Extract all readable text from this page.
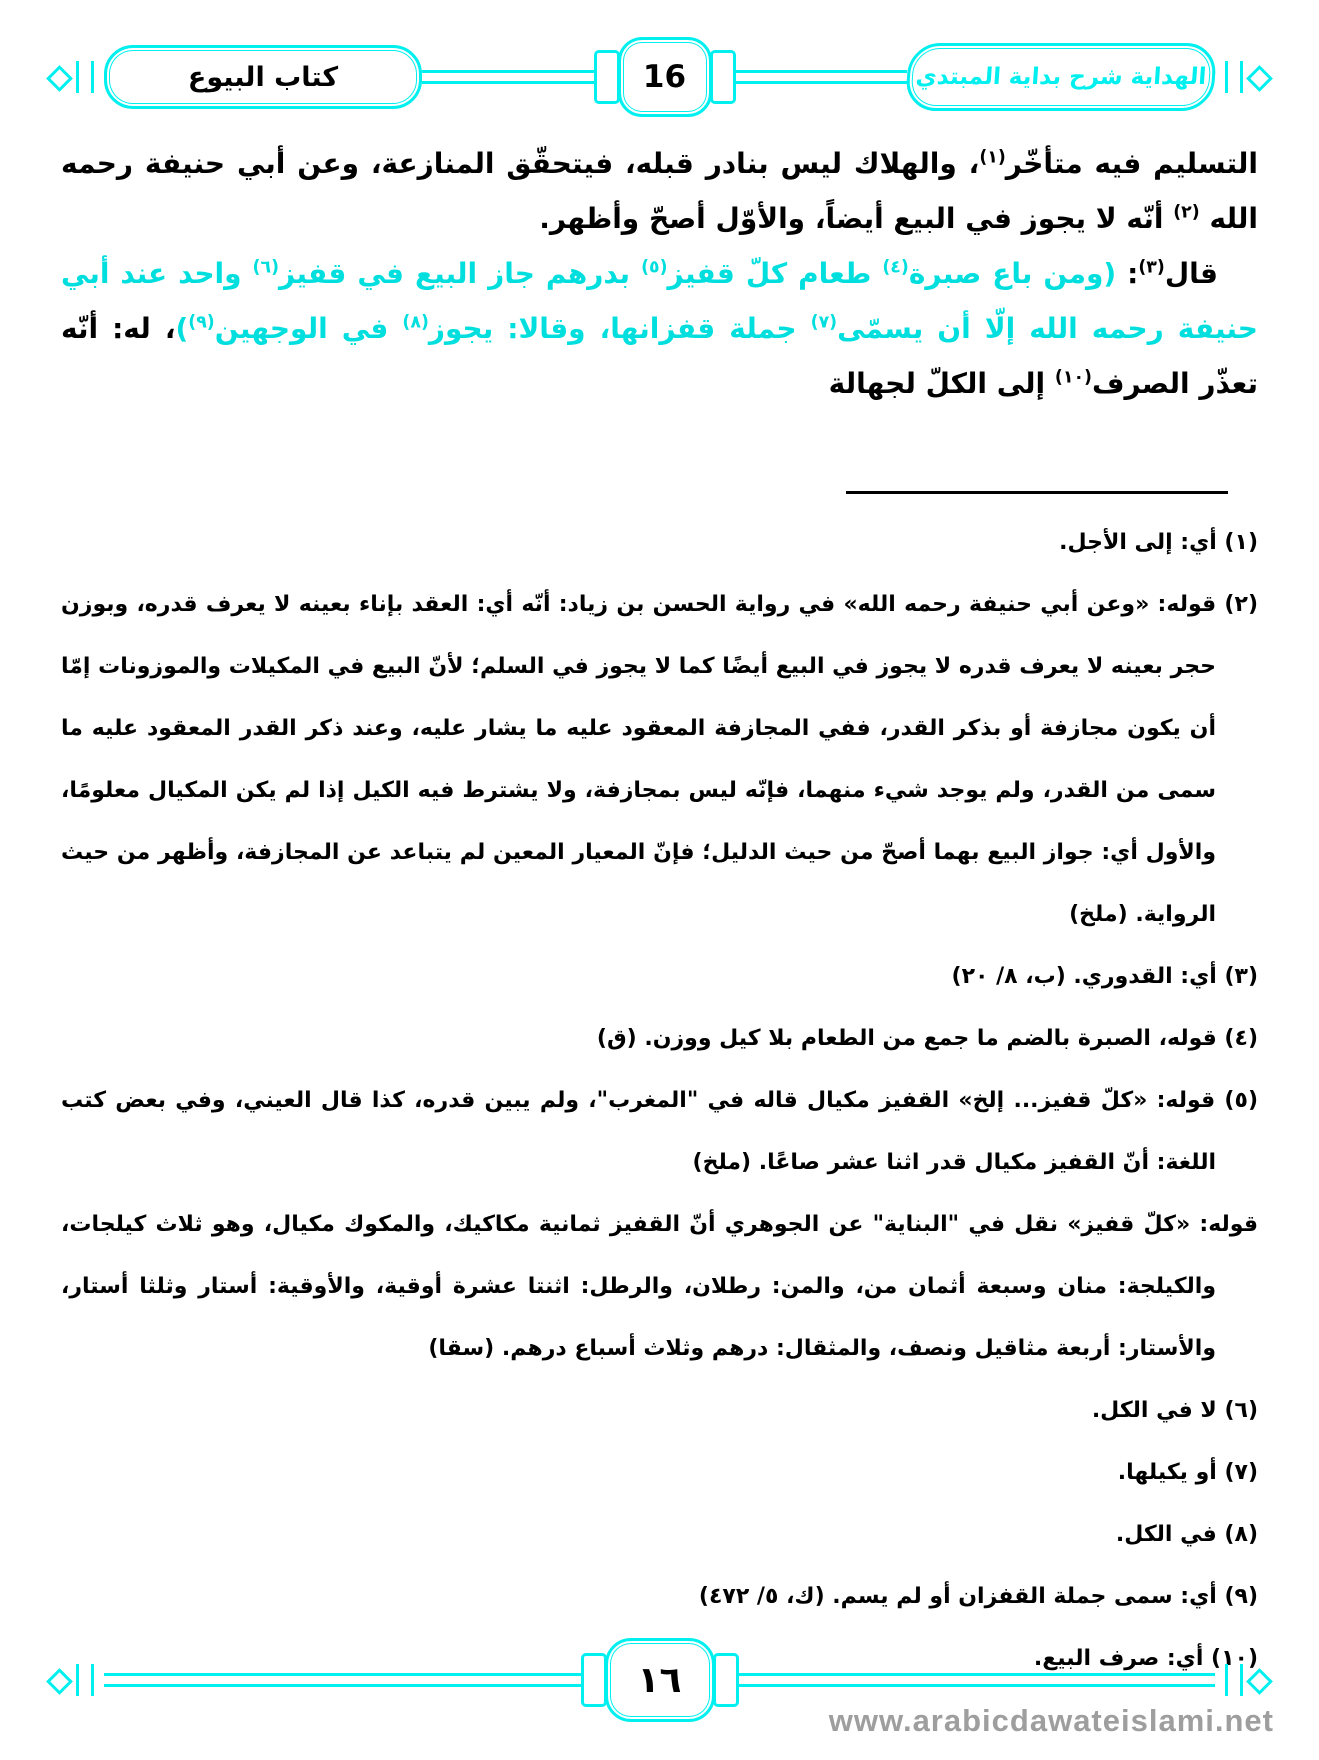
كتاب البيوع	16	الهداية شرح بداية المبتدي

التسليم فيه متأخّر$^{(١)}$، والهلاك ليس بنادر قبله، فيتحقّق المنازعة، وعن أبي حنيفة رحمه الله $^{(٢)}$ أنّه لا يجوز في البيع أيضاً، والأوّل أصحّ وأظهر.

قال$^{(٣)}$: (ومن باع صبرة$^{(٤)}$ طعام كلّ قفيز$^{(٥)}$ بدرهم جاز البيع في قفيز$^{(٦)}$ واحد عند أبي حنيفة رحمه الله إلّا أن يسمّى$^{(٧)}$ جملة قفزانها، وقالا: يجوز$^{(٨)}$ في الوجهين$^{(٩)}$)، له: أنّه تعذّر الصرف$^{(١٠)}$ إلى الكلّ لجهالة

(١) أي: إلى الأجل.

(٢) قوله: «وعن أبي حنيفة رحمه الله» في رواية الحسن بن زياد: أنّه أي: العقد بإناء بعينه لا يعرف قدره، وبوزن حجر بعينه لا يعرف قدره لا يجوز في البيع أيضًا كما لا يجوز في السلم؛ لأنّ البيع في المكيلات والموزونات إمّا أن يكون مجازفة أو بذكر القدر، ففي المجازفة المعقود عليه ما يشار عليه، وعند ذكر القدر المعقود عليه ما سمى من القدر، ولم يوجد شيء منهما، فإنّه ليس بمجازفة، ولا يشترط فيه الكيل إذا لم يكن المكيال معلومًا، والأول أي: جواز البيع بهما أصحّ من حيث الدليل؛ فإنّ المعيار المعين لم يتباعد عن المجازفة، وأظهر من حيث الرواية. (ملخ)

(٣) أي: القدوري. (ب، ٨/ ٢٠)

(٤) قوله، الصبرة بالضم ما جمع من الطعام بلا كيل ووزن. (ق)

(٥) قوله: «كلّ قفيز... إلخ» القفيز مكيال قاله في "المغرب"، ولم يبين قدره، كذا قال العيني، وفي بعض كتب اللغة: أنّ القفيز مكيال قدر اثنا عشر صاعًا. (ملخ)

قوله: «كلّ قفيز» نقل في "البناية" عن الجوهري أنّ القفيز ثمانية مكاكيك، والمكوك مكيال، وهو ثلاث كيلجات، والكيلجة: منان وسبعة أثمان من، والمن: رطلان، والرطل: اثنتا عشرة أوقية، والأوقية: أستار وثلثا أستار، والأستار: أربعة مثاقيل ونصف، والمثقال: درهم وثلاث أسباع درهم. (سقا)

(٦) لا في الكل.

(٧) أو يكيلها.

(٨) في الكل.

(٩) أي: سمى جملة القفزان أو لم يسم. (ك، ٥/ ٤٧٢)

(١٠) أي: صرف البيع.

١٦
www.arabicdawateislami.net
